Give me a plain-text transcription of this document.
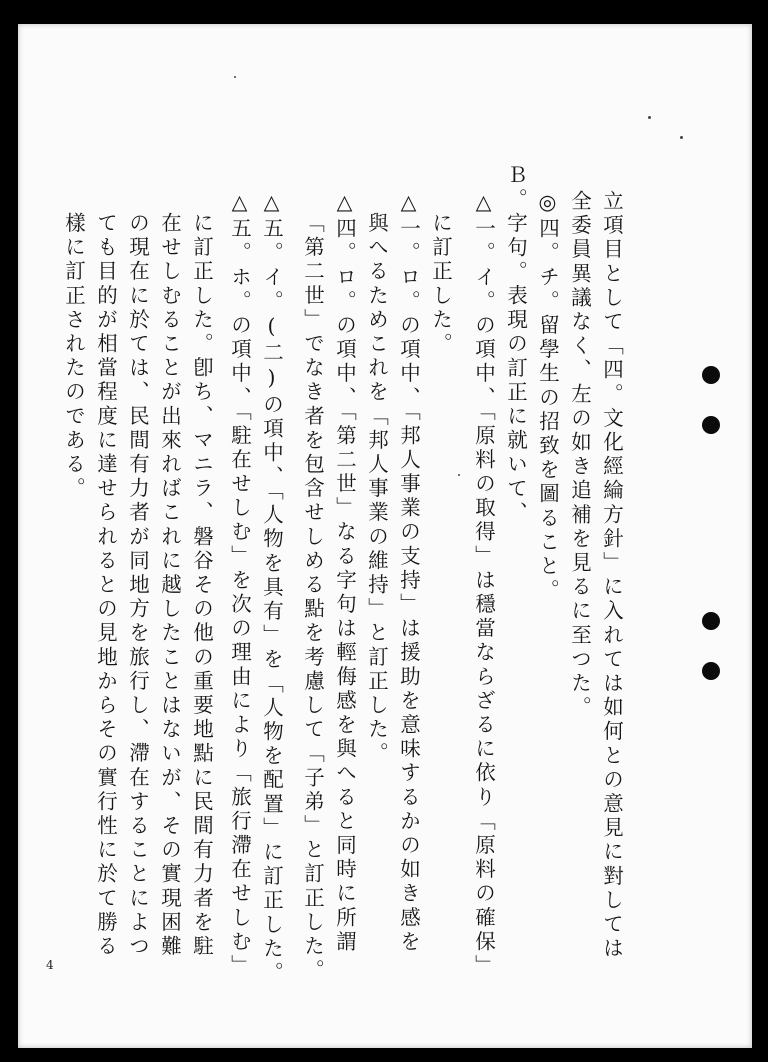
立項目として「四。文化經綸方針」に入れては如何との意見に對しては
全委員異議なく、左の如き追補を見るに至つた。
◎四。チ。留學生の招致を圖ること。
Ｂ。字句。表現の訂正に就いて、
△一。イ。の項中、「原料の取得」は穩當ならざるに依り「原料の確保」
に訂正した。
△一。ロ。の項中、「邦人事業の支持」は援助を意味するかの如き感を
與へるためこれを「邦人事業の維持」と訂正した。
△四。ロ。の項中、「第二世」なる字句は輕侮感を與へると同時に所謂
「第二世」でなき者を包含せしめる點を考慮して「子弟」と訂正した。
△五。イ。(二)の項中、「人物を具有」を「人物を配置」に訂正した。
△五。ホ。の項中、「駐在せしむ」を次の理由により「旅行滯在せしむ」
に訂正した。卽ち、マニラ、磐谷その他の重要地點に民間有力者を駐
在せしむることが出來ればこれに越したことはないが、その實現困難
の現在に於ては、民間有力者が同地方を旅行し、滯在することによつ
ても目的が相當程度に達せられるとの見地からその實行性に於て勝る
樣に訂正されたのである。
4
